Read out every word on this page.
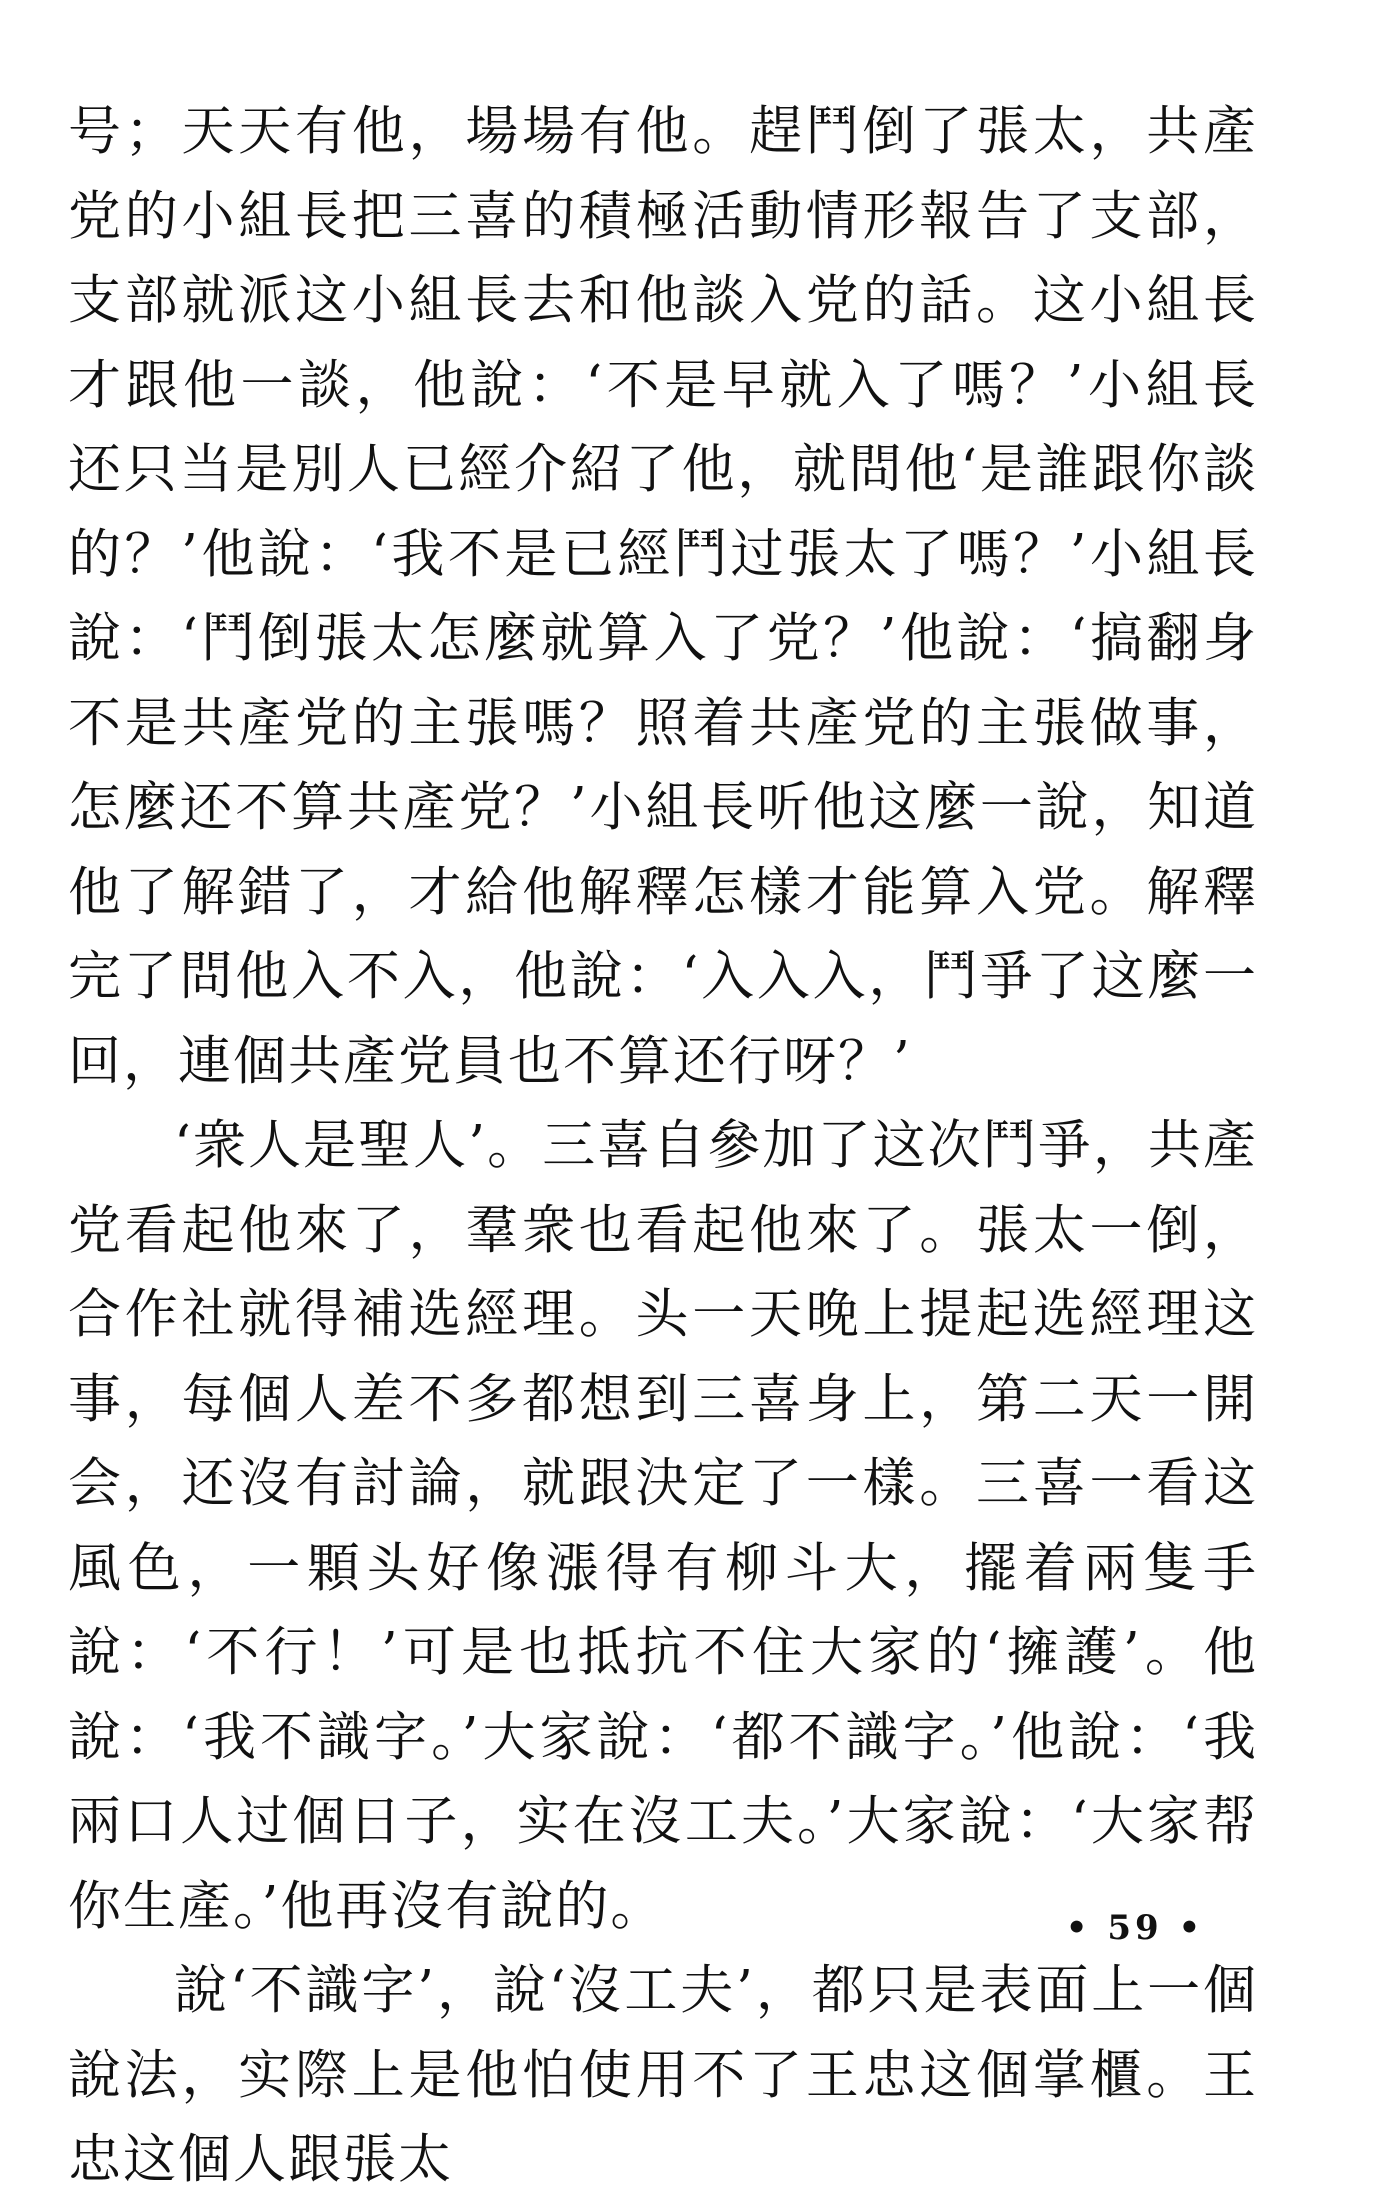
号；天天有他，場場有他。趕鬥倒了張太，共產党的小組長把三喜的積極活動情形報告了支部，支部就派这小組長去和他談入党的話。这小組長才跟他一談，他說：‘不是早就入了嗎？’小組長还只当是別人已經介紹了他，就問他‘是誰跟你談的？’他說：‘我不是已經鬥过張太了嗎？’小組長說：‘鬥倒張太怎麼就算入了党？’他說：‘搞翻身不是共產党的主張嗎？照着共產党的主張做事，怎麼还不算共產党？’小組長听他这麼一說，知道他了解錯了，才給他解釋怎樣才能算入党。解釋完了問他入不入，他說：‘入入入，鬥爭了这麼一回，連個共產党員也不算还行呀？’

‘衆人是聖人’。三喜自參加了这次鬥爭，共產党看起他來了，羣衆也看起他來了。張太一倒，合作社就得補选經理。头一天晚上提起选經理这事，每個人差不多都想到三喜身上，第二天一開会，还沒有討論，就跟決定了一樣。三喜一看这風色，一顆头好像漲得有柳斗大，擺着兩隻手說：‘不行！’可是也抵抗不住大家的‘擁護’。他說：‘我不識字。’大家說：‘都不識字。’他說：‘我兩口人过個日子，实在沒工夫。’大家說：‘大家帮你生產。’他再沒有說的。

說‘不識字’，說‘沒工夫’，都只是表面上一個說法，实際上是他怕使用不了王忠这個掌櫃。王忠这個人跟張太

• 59 •
